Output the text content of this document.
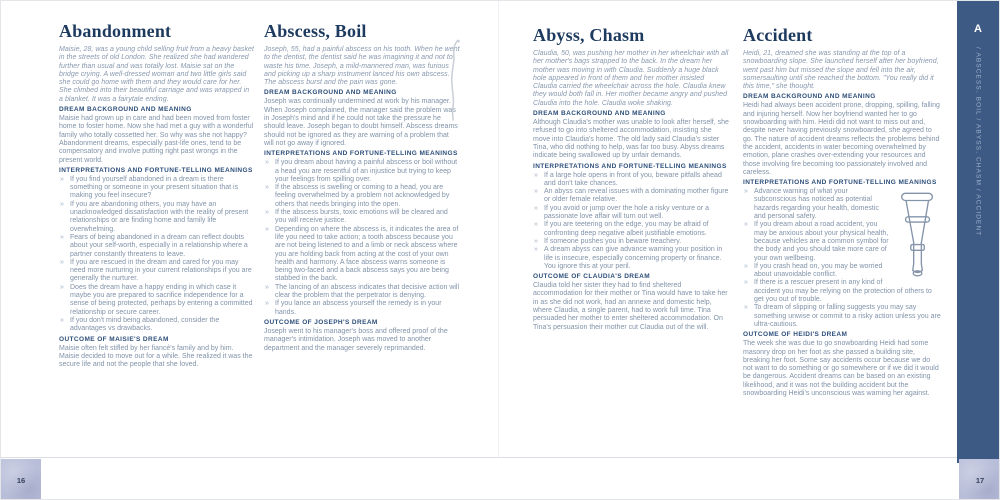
Abandonment

Maisie, 28, was a young child selling fruit from a heavy basket in the streets of old London. She realized she had wandered further than usual and was totally lost. Maisie sat on the bridge crying. A well-dressed woman and two little girls said she could go home with them and they would care for her. She climbed into their beautiful carriage and was wrapped in a blanket. It was a fairytale ending.

DREAM BACKGROUND AND MEANING

Maisie had grown up in care and had been moved from foster home to foster home. Now she had met a guy with a wonderful family who totally cossetted her. So why was she not happy? Abandonment dreams, especially past-life ones, tend to be compensatory and involve putting right past wrongs in the present world.

INTERPRETATIONS AND FORTUNE-TELLING MEANINGS
» If you find yourself abandoned in a dream is there something or someone in your present situation that is making you feel insecure?
» If you are abandoning others, you may have an unacknowledged dissatisfaction with the reality of present relationships or are finding home and family life overwhelming.
» Fears of being abandoned in a dream can reflect doubts about your self-worth, especially in a relationship where a partner constantly threatens to leave.
» If you are rescued in the dream and cared for you may need more nurturing in your current relationships if you are generally the nurturer.
» Does the dream have a happy ending in which case it maybe you are prepared to sacrifice independence for a sense of being protected, perhaps by entering a committed relationship or secure career.
» If you don't mind being abandoned, consider the advantages vs drawbacks.
OUTCOME OF MAISIE'S DREAM

Maisie often felt stifled by her fiancé's family and by him. Maisie decided to move out for a while. She realized it was the secure life and not the people that she loved.

Abscess, Boil

Joseph, 55, had a painful abscess on his tooth. When he went to the dentist, the dentist said he was imagining it and not to waste his time. Joseph, a mild-mannered man, was furious and picking up a sharp instrument lanced his own abscess. The abscess burst and the pain was gone.

DREAM BACKGROUND AND MEANING

Joseph was continually undermined at work by his manager. When Joseph complained, the manager said the problem was in Joseph's mind and if he could not take the pressure he should leave. Joseph began to doubt himself. Abscess dreams should not be ignored as they are warning of a problem that will not go away if ignored.

INTERPRETATIONS AND FORTUNE-TELLING MEANINGS
» If you dream about having a painful abscess or boil without a head you are resentful of an injustice but trying to keep your feelings from spilling over.
» If the abscess is swelling or coming to a head, you are feeling overwhelmed by a problem not acknowledged by others that needs bringing into the open.
» If the abscess bursts, toxic emotions will be cleared and you will receive justice.
» Depending on where the abscess is, it indicates the area of life you need to take action; a tooth abscess because you are not being listened to and a limb or neck abscess where you are holding back from acting at the cost of your own health and harmony. A face abscess warns someone is being two-faced and a back abscess says you are being stabbed in the back.
» The lancing of an abscess indicates that decisive action will clear the problem that the perpetrator is denying.
» If you lance an abscess yourself the remedy is in your hands.
OUTCOME OF JOSEPH'S DREAM

Joseph went to his manager's boss and offered proof of the manager's intimidation. Joseph was moved to another department and the manager severely reprimanded.

Abyss, Chasm

Claudia, 50, was pushing her mother in her wheelchair with all her mother's bags strapped to the back. In the dream her mother was moving in with Claudia. Suddenly a huge black hole appeared in front of them and her mother insisted Claudia carried the wheelchair across the hole. Claudia knew they would both fall in. Her mother became angry and pushed Claudia into the hole. Claudia woke shaking.

DREAM BACKGROUND AND MEANING

Although Claudia's mother was unable to look after herself, she refused to go into sheltered accommodation, insisting she move into Claudia's home. The old lady said Claudia's sister Tina, who did nothing to help, was far too busy. Abyss dreams indicate being swallowed up by unfair demands.

INTERPRETATIONS AND FORTUNE-TELLING MEANINGS
» If a large hole opens in front of you, beware pitfalls ahead and don't take chances.
» An abyss can reveal issues with a dominating mother figure or older female relative.
» If you avoid or jump over the hole a risky venture or a passionate love affair will turn out well.
» If you are teetering on the edge, you may be afraid of confronting deep negative albeit justifiable emotions.
» If someone pushes you in beware treachery.
» A dream abyss can give advance warning your position in life is insecure, especially concerning property or finance. You ignore this at your peril.
OUTCOME OF CLAUDIA'S DREAM

Claudia told her sister they had to find sheltered accommodation for their mother or Tina would have to take her in as she did not work, had an annexe and domestic help, where Claudia, a single parent, had to work full time. Tina persuaded her mother to enter sheltered accommodation. On Tina's persuasion their mother cut Claudia out of the will.

Accident

Heidi, 21, dreamed she was standing at the top of a snowboarding slope. She launched herself after her boyfriend, went past him but missed the slope and fell into the air, somersaulting until she reached the bottom. "You really did it this time," she thought.

DREAM BACKGROUND AND MEANING

Heidi had always been accident prone, dropping, spilling, falling and injuring herself. Now her boyfriend wanted her to go snowboarding with him. Heidi did not want to miss out and, despite never having previously snowboarded, she agreed to go. The nature of accident dreams reflects the problems behind the accident, accidents in water becoming overwhelmed by emotion, plane crashes over-extending your resources and those involving fire becoming too passionately involved and careless.

INTERPRETATIONS AND FORTUNE-TELLING MEANINGS
» Advance warning of what your subconscious has noticed as potential hazards regarding your health, domestic and personal safety.
» If you dream about a road accident, you may be anxious about your physical health, because vehicles are a common symbol for the body and you should take more care of your own wellbeing.
» If you crash head on, you may be worried about unavoidable conflict.
» If there is a rescuer present in any kind of accident you may be relying on the protection of others to get you out of trouble.
» To dream of slipping or falling suggests you may say something unwise or commit to a risky action unless you are ultra-cautious.
OUTCOME OF HEIDI'S DREAM

The week she was due to go snowboarding Heidi had some masonry drop on her foot as she passed a building site, breaking her foot. Some say accidents occur because we do not want to do something or go somewhere or if we did it would be dangerous. Accident dreams can be based on an existing likelihood, and it was not the building accident but the snowboarding Heidi's unconscious was warning her against.

A
/ ABSCESS, BOIL / ABYSS, CHASM / ACCIDENT
16	17
